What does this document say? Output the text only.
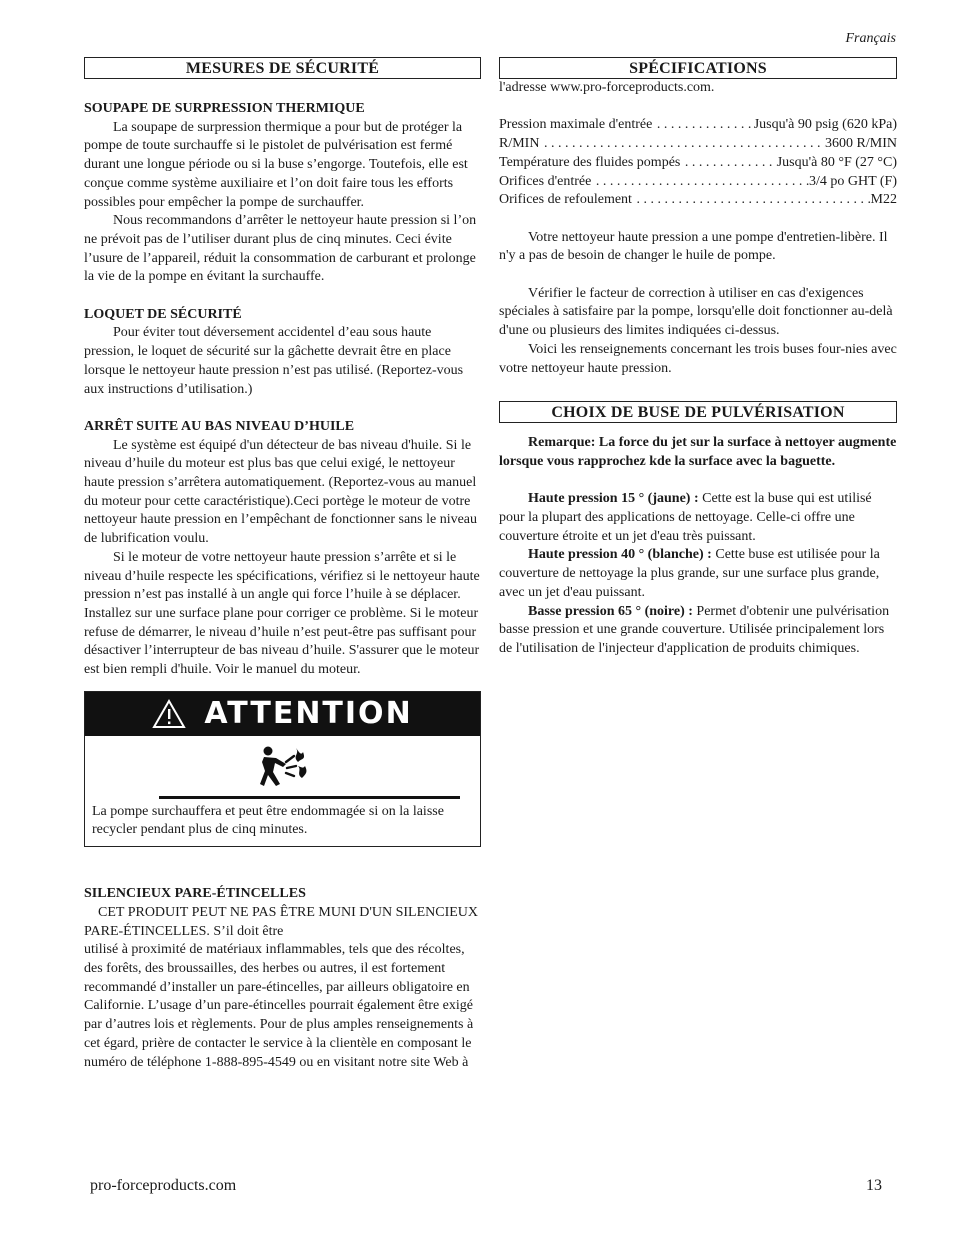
Français
MESURES DE SÉCURITÉ

SOUPAPE DE SURPRESSION THERMIQUE

La soupape de surpression thermique a pour but de protéger la pompe de toute surchauffe si le pistolet de pulvérisation est fermé durant une longue période ou si la buse s’engorge. Toutefois, elle est conçue comme système auxiliaire et l’on doit faire tous les efforts possibles pour empêcher la pompe de surchauffer.

Nous recommandons d’arrêter le nettoyeur haute pression si l’on ne prévoit pas de l’utiliser durant plus de cinq minutes. Ceci évite l’usure de l’appareil, réduit la consommation de carburant et prolonge la vie de la pompe en évitant la surchauffe.

LOQUET DE SÉCURITÉ

Pour éviter tout déversement accidentel d’eau sous haute pression, le loquet de sécurité sur la gâchette devrait être en place lorsque le nettoyeur haute pression n’est pas utilisé. (Reportez-vous aux instructions d’utilisation.)

ARRÊT SUITE AU BAS NIVEAU D’HUILE

Le système est équipé d'un détecteur de bas niveau d'huile. Si le niveau d’huile du moteur est plus bas que celui exigé, le nettoyeur haute pression s’arrêtera automatiquement. (Reportez-vous au manuel du moteur pour cette caractéristique).Ceci portège le moteur de votre nettoyeur haute pression en l’empêchant de fonctionner sans le niveau de lubrification voulu.

Si le moteur de votre nettoyeur haute pression s’arrête et si le niveau d’huile respecte les spécifications, vérifiez si le nettoyeur haute pression n’est pas installé à un angle qui force l’huile à se déplacer. Installez sur une surface plane pour corriger ce problème. Si le moteur refuse de démarrer, le niveau d’huile n’est peut-être pas suffisant pour désactiver l’interrupteur de bas niveau d’huile. S'assurer que le moteur est bien rempli d'huile. Voir le manuel du moteur.

ATTENTION
La pompe surchauffera et peut être endommagée si on la laisse recycler pendant plus de cinq minutes.

SILENCIEUX PARE-ÉTINCELLES

CET PRODUIT PEUT NE PAS ÊTRE MUNI D'UN SILENCIEUX PARE-ÉTINCELLES. S’il doit être

utilisé à proximité de matériaux inflammables, tels que des récoltes, des forêts, des broussailles, des herbes ou autres, il est fortement recommandé d’installer un pare-étincelles, par ailleurs obligatoire en Californie. L’usage d’un pare-étincelles pourrait également être exigé par d’autres lois et règlements. Pour de plus amples renseignements à cet égard, prière de contacter le service à la clientèle en composant le numéro de téléphone 1-888-895-4549 ou en visitant notre site Web à

SPÉCIFICATIONS

l'adresse www.pro-forceproducts.com.

Pression maximale d'entrée . . .	Jusqu'à 90 psig (620 kPa)
R/MIN . . .	3600 R/MIN
Température des fluides pompés . . .	Jusqu'à 80 °F (27 °C)
Orifices d'entrée . . .	3/4 po GHT (F)
Orifices de refoulement . . .	M22

Votre nettoyeur haute pression a une pompe d'entretien-libère. Il n'y a pas de besoin de changer le huile de pompe.

Vérifier le facteur de correction à utiliser en cas d'exigences spéciales à satisfaire par la pompe, lorsqu'elle doit fonctionner au-delà d'une ou plusieurs des limites indiquées ci-dessus.

Voici les renseignements concernant les trois buses four-nies avec votre nettoyeur haute pression.

CHOIX DE BUSE DE PULVÉRISATION

Remarque: La force du jet sur la surface à nettoyer augmente lorsque vous rapprochez kde la surface avec la baguette.

Haute pression 15 ° (jaune) : Cette est la buse qui est utilisé pour la plupart des applications de nettoyage. Celle-ci offre une couverture étroite et un jet d'eau très puissant.

Haute pression 40 ° (blanche) : Cette buse est utilisée pour la couverture de nettoyage la plus grande, sur une surface plus grande, avec un jet d'eau puissant.

Basse pression 65 ° (noire) : Permet d'obtenir une pulvérisation basse pression et une grande couverture. Utilisée principalement lors de l'utilisation de l'injecteur d'application de produits chimiques.

pro-forceproducts.com	13
